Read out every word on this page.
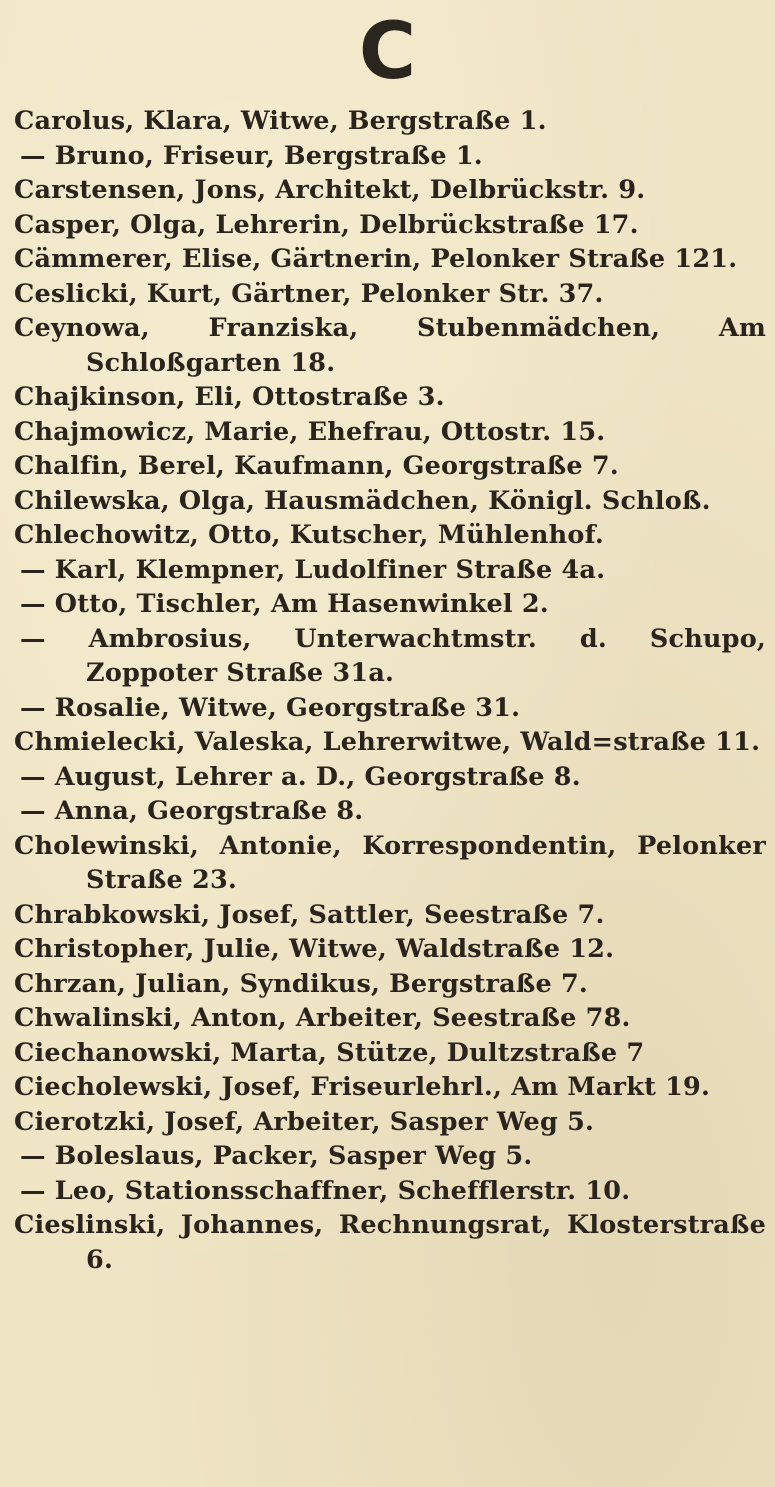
C
Carolus, Klara, Witwe, Bergstraße 1.
— Bruno, Friseur, Bergstraße 1.
Carstensen, Jons, Architekt, Delbrückstr. 9.
Casper, Olga, Lehrerin, Delbrückstraße 17.
Cämmerer, Elise, Gärtnerin, Pelonker Straße 121.
Ceslicki, Kurt, Gärtner, Pelonker Str. 37.
Ceynowa, Franziska, Stubenmädchen, Am Schloßgarten 18.
Chajkinson, Eli, Ottostraße 3.
Chajmowicz, Marie, Ehefrau, Ottostr. 15.
Chalfin, Berel, Kaufmann, Georgstraße 7.
Chilewska, Olga, Hausmädchen, Königl. Schloß.
Chlechowitz, Otto, Kutscher, Mühlenhof.
— Karl, Klempner, Ludolfiner Straße 4a.
— Otto, Tischler, Am Hasenwinkel 2.
— Ambrosius, Unterwachtmstr. d. Schupo, Zoppoter Straße 31a.
— Rosalie, Witwe, Georgstraße 31.
Chmielecki, Valeska, Lehrerwitwe, Wald=straße 11.
— August, Lehrer a. D., Georgstraße 8.
— Anna, Georgstraße 8.
Cholewinski, Antonie, Korrespondentin, Pelonker Straße 23.
Chrabkowski, Josef, Sattler, Seestraße 7.
Christopher, Julie, Witwe, Waldstraße 12.
Chrzan, Julian, Syndikus, Bergstraße 7.
Chwalinski, Anton, Arbeiter, Seestraße 78.
Ciechanowski, Marta, Stütze, Dultzstraße 7
Ciecholewski, Josef, Friseurlehrl., Am Markt 19.
Cierotzki, Josef, Arbeiter, Sasper Weg 5.
— Boleslaus, Packer, Sasper Weg 5.
— Leo, Stationsschaffner, Schefflerstr. 10.
Cieslinski, Johannes, Rechnungsrat, Klosterstraße 6.
